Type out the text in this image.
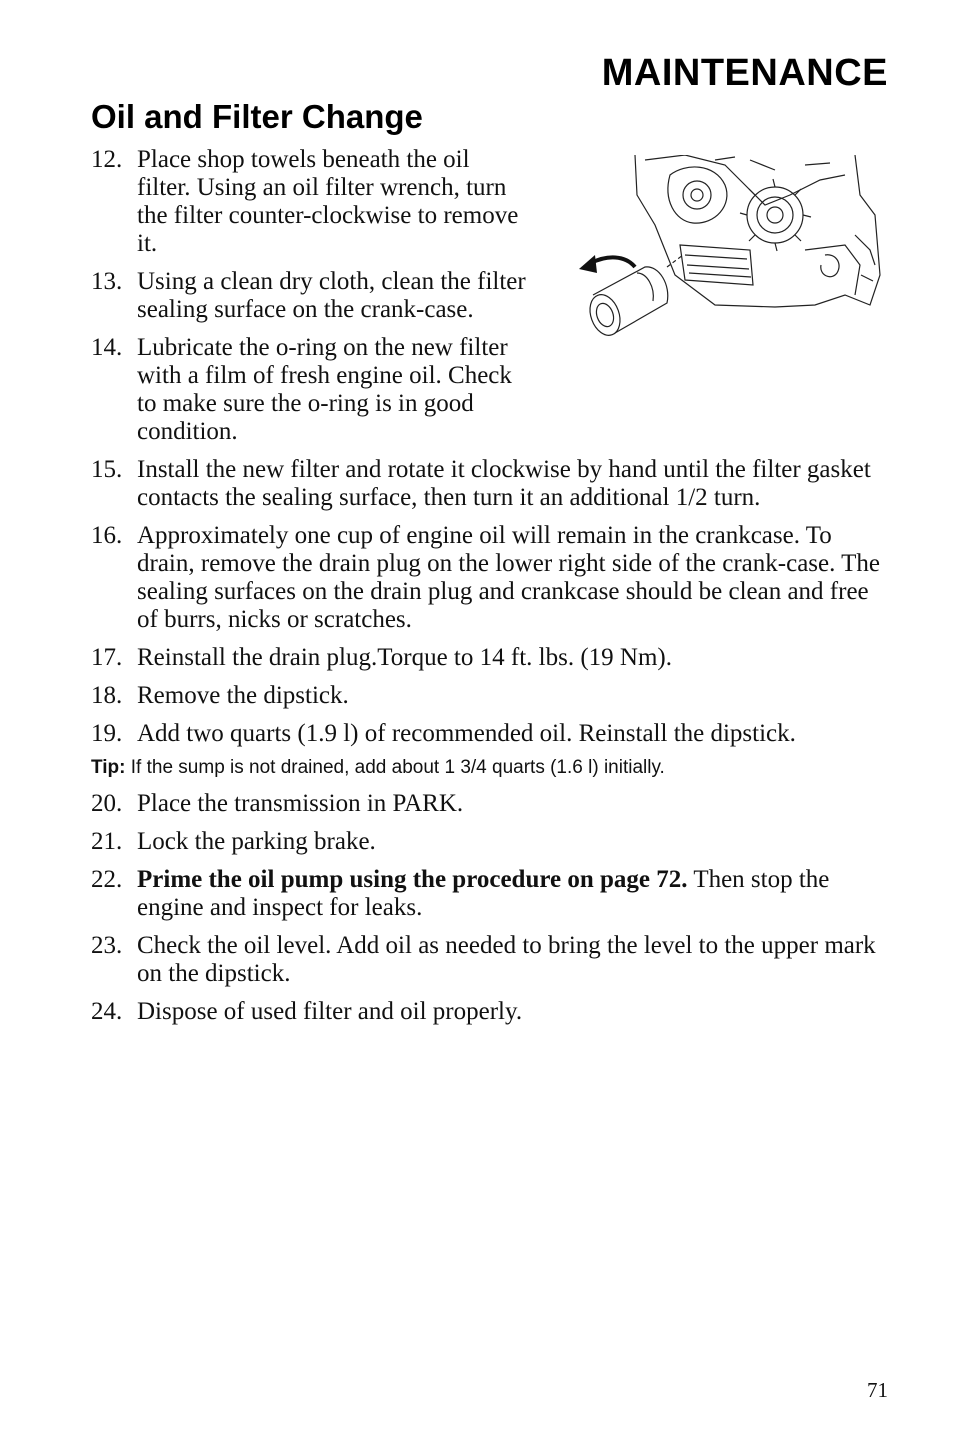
MAINTENANCE
Oil and Filter Change
12. Place shop towels beneath the oil filter. Using an oil filter wrench, turn the filter counter-clockwise to remove it.
13. Using a clean dry cloth, clean the filter sealing surface on the crank-case.
14. Lubricate the o-ring on the new filter with a film of fresh engine oil. Check to make sure the o-ring is in good condition.
15. Install the new filter and rotate it clockwise by hand until the filter gasket contacts the sealing surface, then turn it an additional 1/2 turn.
16. Approximately one cup of engine oil will remain in the crankcase. To drain, remove the drain plug on the lower right side of the crank-case. The sealing surfaces on the drain plug and crankcase should be clean and free of burrs, nicks or scratches.
17. Reinstall the drain plug.Torque to 14 ft. lbs. (19 Nm).
18. Remove the dipstick.
19. Add two quarts (1.9 l) of recommended oil. Reinstall the dipstick.
Tip: If the sump is not drained, add about 1 3/4 quarts (1.6 l) initially.
20. Place the transmission in PARK.
21. Lock the parking brake.
22. Prime the oil pump using the procedure on page 72. Then stop the engine and inspect for leaks.
23. Check the oil level. Add oil as needed to bring the level to the upper mark on the dipstick.
24. Dispose of used filter and oil properly.
71
